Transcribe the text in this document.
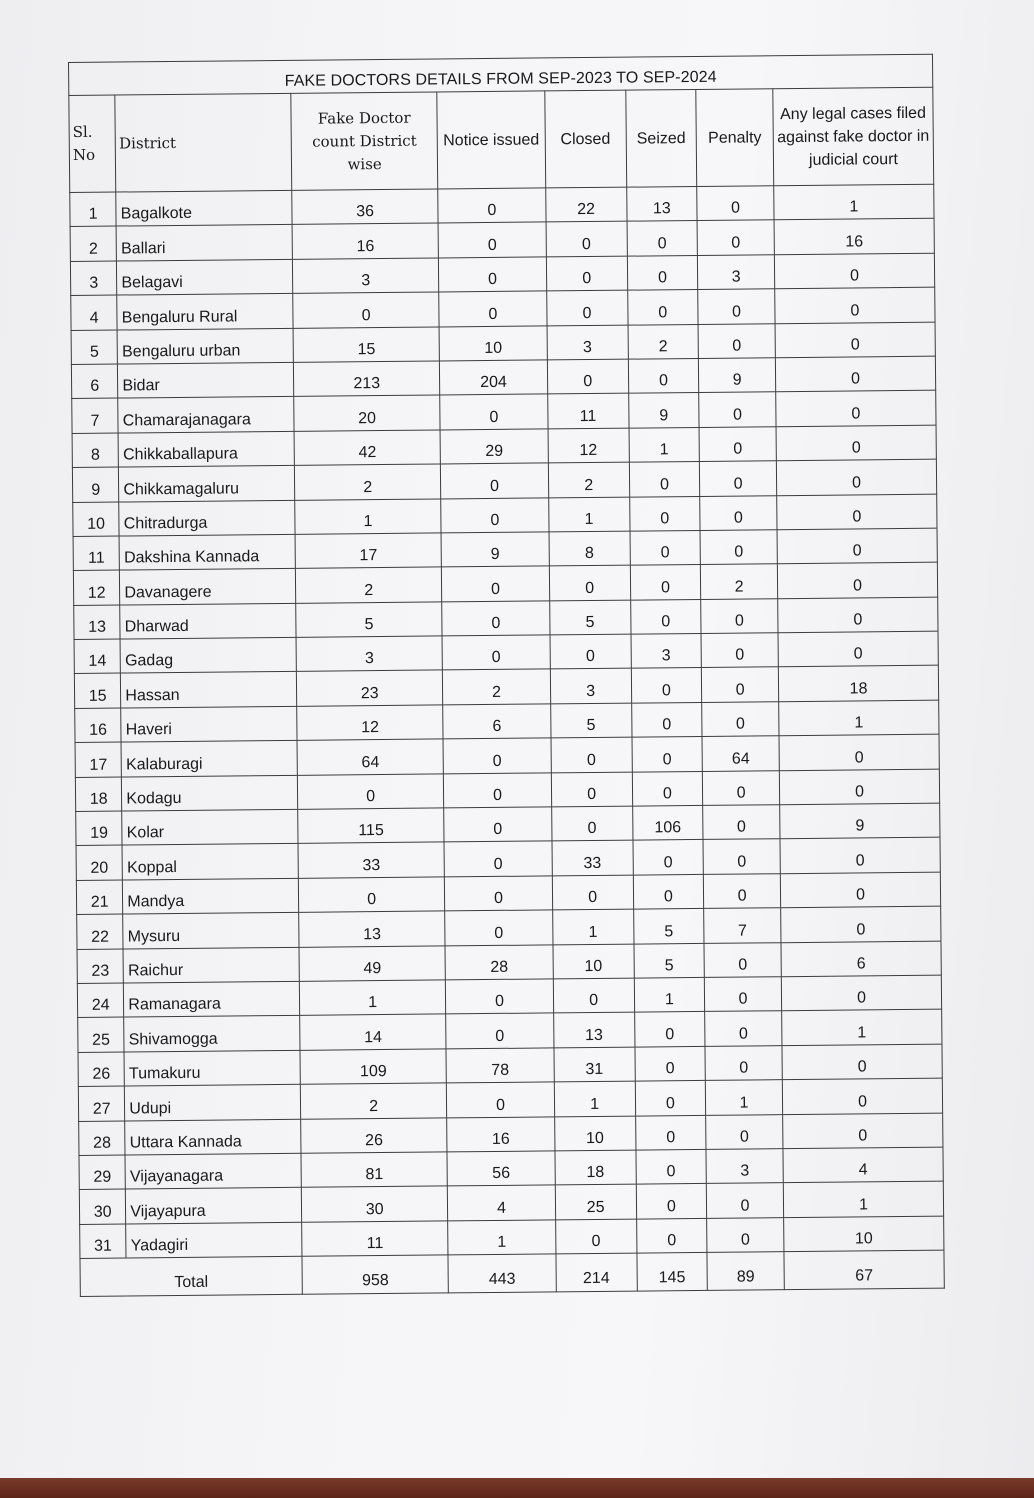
FAKE DOCTORS DETAILS FROM SEP-2023 TO SEP-2024							
Sl. No	District	Fake Doctor count District wise	Notice issued	Closed	Seized	Penalty	Any legal cases filed against fake doctor in judicial court
1	Bagalkote	36	0	22	13	0	1
2	Ballari	16	0	0	0	0	16
3	Belagavi	3	0	0	0	3	0
4	Bengaluru Rural	0	0	0	0	0	0
5	Bengaluru urban	15	10	3	2	0	0
6	Bidar	213	204	0	0	9	0
7	Chamarajanagara	20	0	11	9	0	0
8	Chikkaballapura	42	29	12	1	0	0
9	Chikkamagaluru	2	0	2	0	0	0
10	Chitradurga	1	0	1	0	0	0
11	Dakshina Kannada	17	9	8	0	0	0
12	Davanagere	2	0	0	0	2	0
13	Dharwad	5	0	5	0	0	0
14	Gadag	3	0	0	3	0	0
15	Hassan	23	2	3	0	0	18
16	Haveri	12	6	5	0	0	1
17	Kalaburagi	64	0	0	0	64	0
18	Kodagu	0	0	0	0	0	0
19	Kolar	115	0	0	106	0	9
20	Koppal	33	0	33	0	0	0
21	Mandya	0	0	0	0	0	0
22	Mysuru	13	0	1	5	7	0
23	Raichur	49	28	10	5	0	6
24	Ramanagara	1	0	0	1	0	0
25	Shivamogga	14	0	13	0	0	1
26	Tumakuru	109	78	31	0	0	0
27	Udupi	2	0	1	0	1	0
28	Uttara Kannada	26	16	10	0	0	0
29	Vijayanagara	81	56	18	0	3	4
30	Vijayapura	30	4	25	0	0	1
31	Yadagiri	11	1	0	0	0	10
Total		958	443	214	145	89	67
